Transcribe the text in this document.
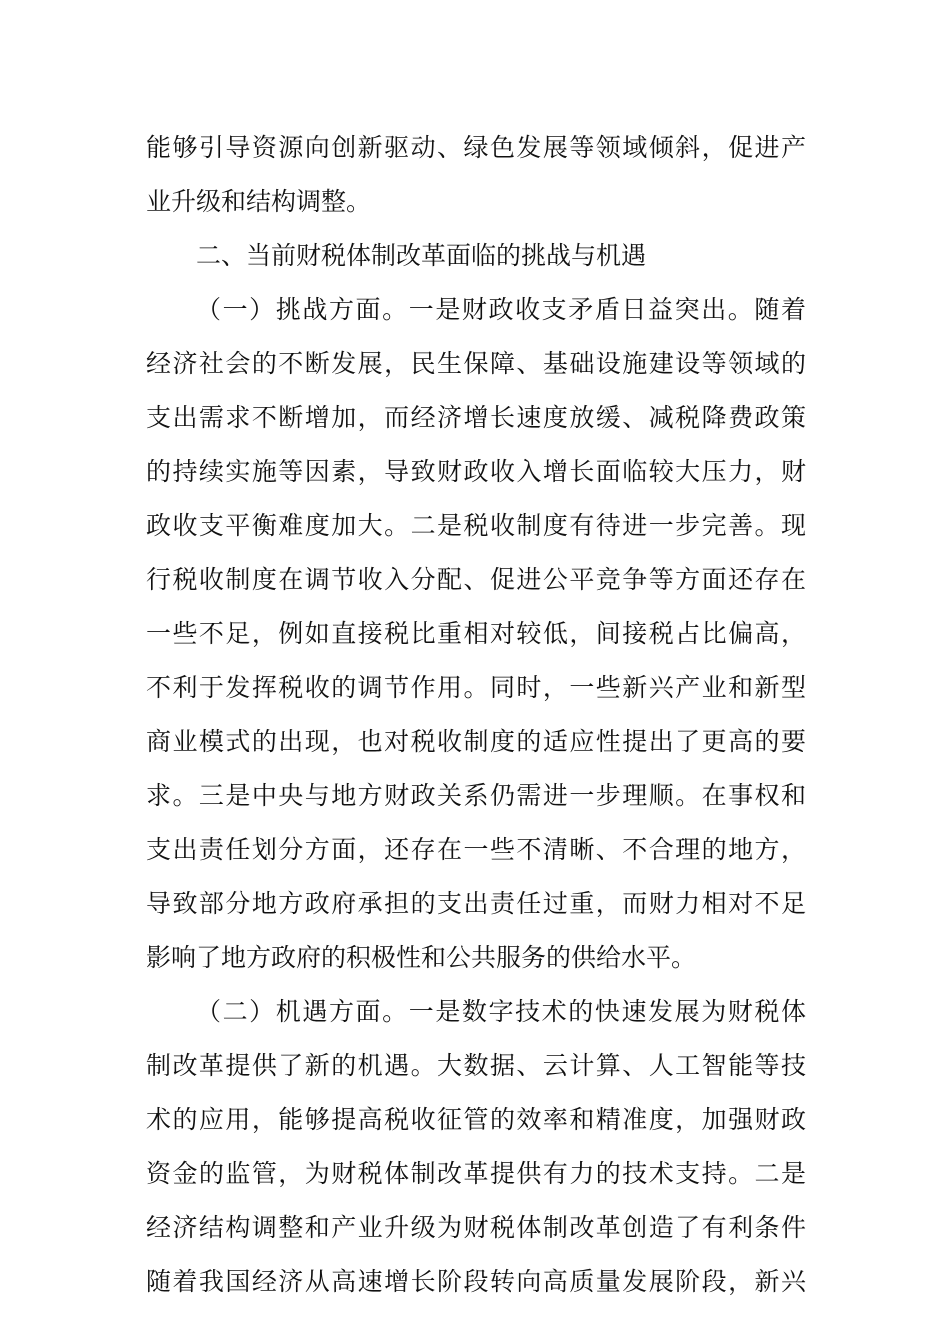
能够引导资源向创新驱动、绿色发展等领域倾斜，促进产
业升级和结构调整。
二、当前财税体制改革面临的挑战与机遇
（一）挑战方面。一是财政收支矛盾日益突出。随着
经济社会的不断发展，民生保障、基础设施建设等领域的
支出需求不断增加，而经济增长速度放缓、减税降费政策
的持续实施等因素，导致财政收入增长面临较大压力，财
政收支平衡难度加大。二是税收制度有待进一步完善。现
行税收制度在调节收入分配、促进公平竞争等方面还存在
一些不足，例如直接税比重相对较低，间接税占比偏高，
不利于发挥税收的调节作用。同时，一些新兴产业和新型
商业模式的出现，也对税收制度的适应性提出了更高的要
求。三是中央与地方财政关系仍需进一步理顺。在事权和
支出责任划分方面，还存在一些不清晰、不合理的地方，
导致部分地方政府承担的支出责任过重，而财力相对不足
影响了地方政府的积极性和公共服务的供给水平。
（二）机遇方面。一是数字技术的快速发展为财税体
制改革提供了新的机遇。大数据、云计算、人工智能等技
术的应用，能够提高税收征管的效率和精准度，加强财政
资金的监管，为财税体制改革提供有力的技术支持。二是
经济结构调整和产业升级为财税体制改革创造了有利条件
随着我国经济从高速增长阶段转向高质量发展阶段，新兴
